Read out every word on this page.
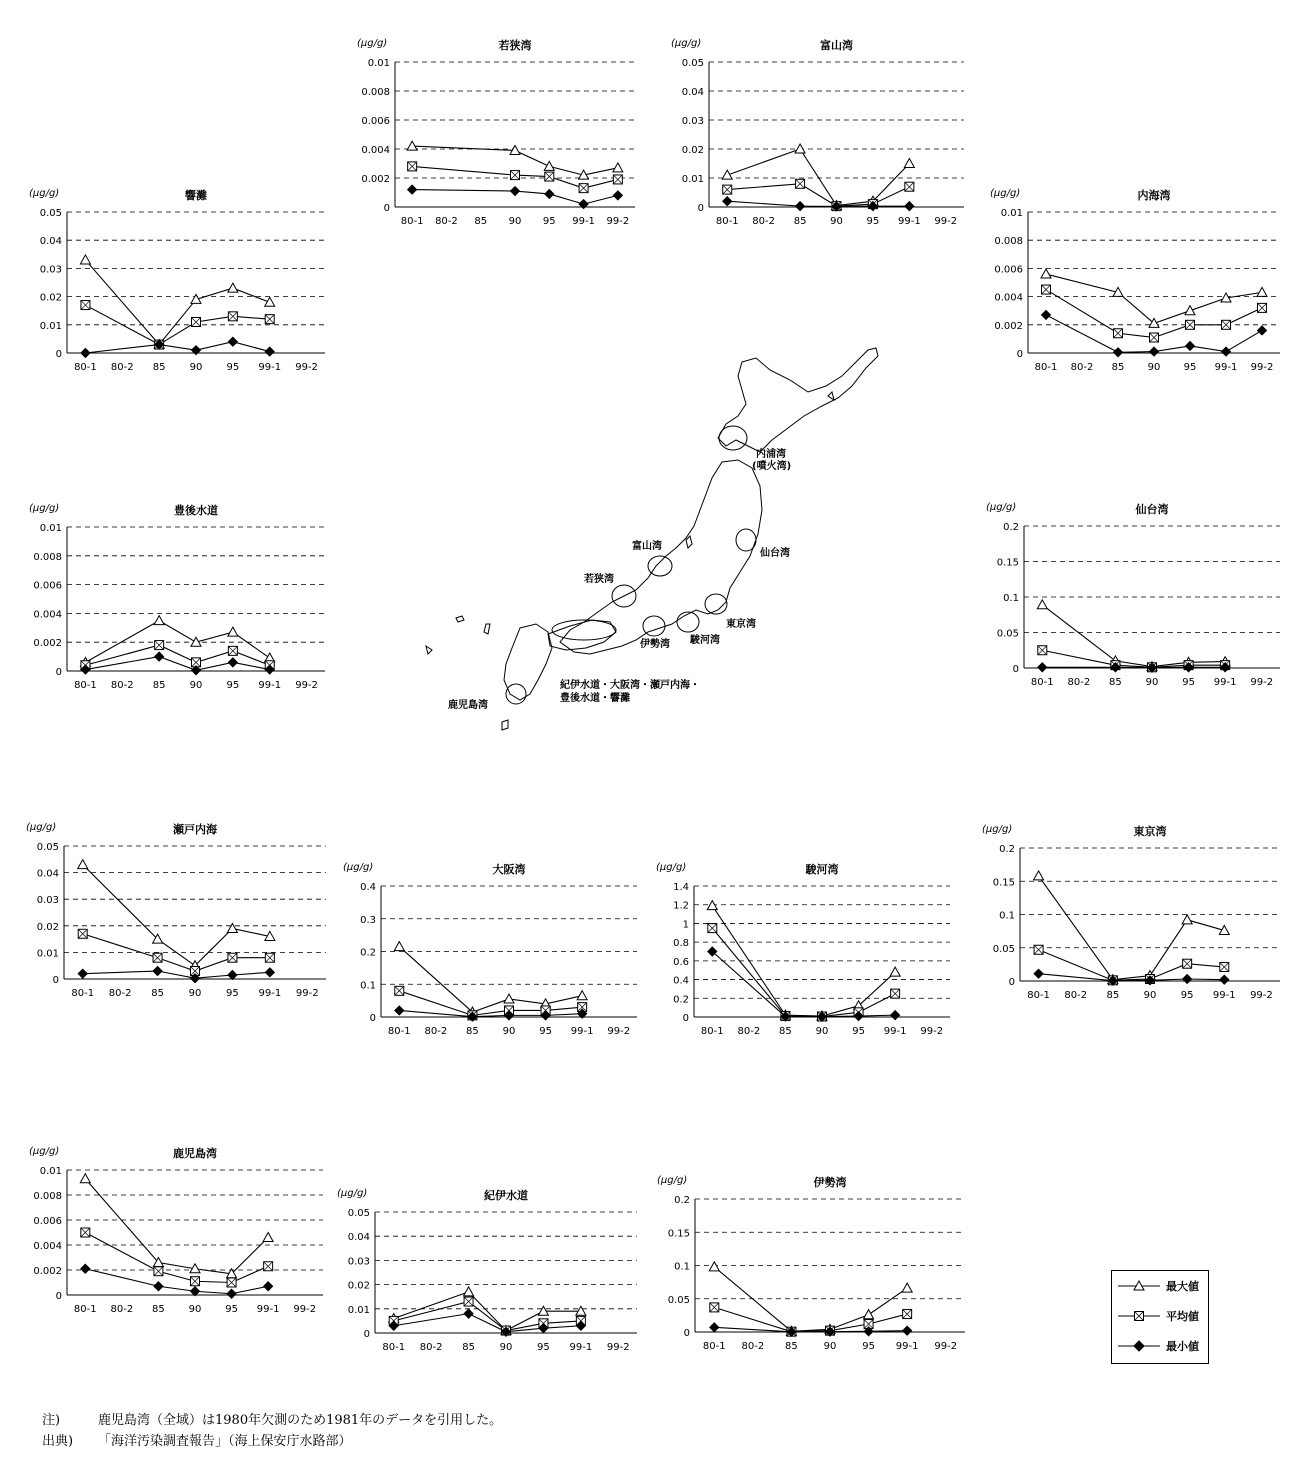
若狭湾
(μg/g)
0
0.002
0.004
0.006
0.008
0.01
80-1 80-2 85 90 95 99-1 99-2
富山湾
(μg/g)
0
0.01
0.02
0.03
0.04
0.05
80-1 80-2 85 90 95 99-1 99-2
響灘
(μg/g)
0
0.01
0.02
0.03
0.04
0.05
80-1 80-2 85 90 95 99-1 99-2
内海湾
(μg/g)
0
0.002
0.004
0.006
0.008
0.01
80-1 80-2 85 90 95 99-1 99-2
豊後水道
(μg/g)
0
0.002
0.004
0.006
0.008
0.01
80-1 80-2 85 90 95 99-1 99-2
仙台湾
(μg/g)
0
0.05
0.1
0.15
0.2
80-1 80-2 85 90 95 99-1 99-2
瀬戸内海
(μg/g)
0
0.01
0.02
0.03
0.04
0.05
80-1 80-2 85 90 95 99-1 99-2
大阪湾
(μg/g)
0
0.1
0.2
0.3
0.4
80-1 80-2 85 90 95 99-1 99-2
駿河湾
(μg/g)
0
0.2
0.4
0.6
0.8
1
1.2
1.4
80-1 80-2 85 90 95 99-1 99-2
東京湾
(μg/g)
0
0.05
0.1
0.15
0.2
80-1 80-2 85 90 95 99-1 99-2
鹿児島湾
(μg/g)
0
0.002
0.004
0.006
0.008
0.01
80-1 80-2 85 90 95 99-1 99-2
紀伊水道
(μg/g)
0
0.01
0.02
0.03
0.04
0.05
80-1 80-2 85 90 95 99-1 99-2
伊勢湾
(μg/g)
0
0.05
0.1
0.15
0.2
80-1 80-2 85	90	95 99-1 99-2
内浦湾
(噴火湾)
仙台湾
富山湾
若狭湾
東京湾
駿河湾
伊勢湾
紀伊水道・大阪湾・瀬戸内海・
豊後水道・響灘
鹿児島湾
最大値
平均値
最小値
注)	鹿児島湾（全域）は1980年欠測のため1981年のデータを引用した。
出典) 「海洋汚染調査報告」（海上保安庁水路部）
